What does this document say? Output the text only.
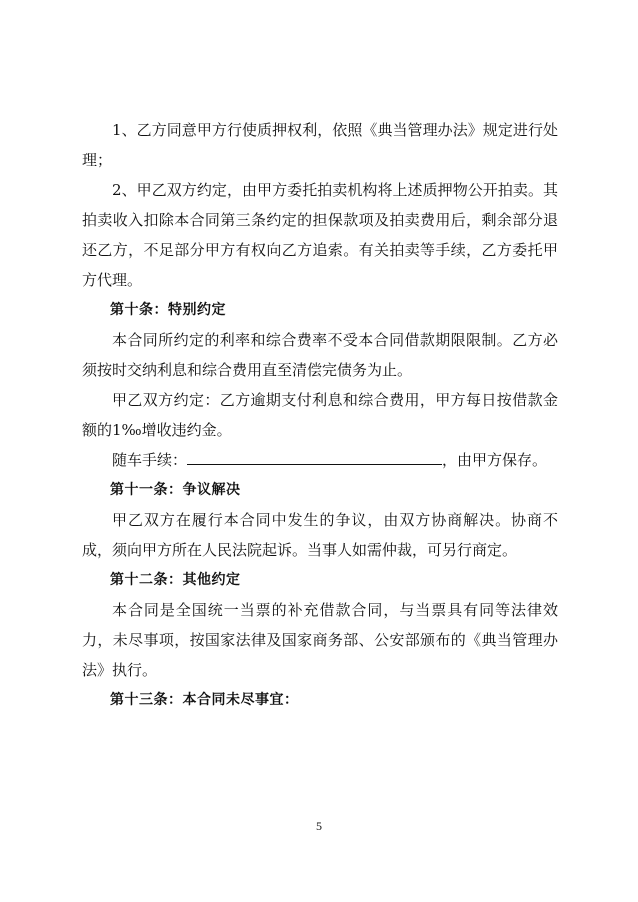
1、乙方同意甲方行使质押权利，依照《典当管理办法》规定进行处理；

2、甲乙双方约定，由甲方委托拍卖机构将上述质押物公开拍卖。其拍卖收入扣除本合同第三条约定的担保款项及拍卖费用后，剩余部分退还乙方，不足部分甲方有权向乙方追索。有关拍卖等手续，乙方委托甲方代理。

第十条：特别约定

本合同所约定的利率和综合费率不受本合同借款期限限制。乙方必须按时交纳利息和综合费用直至清偿完债务为止。

甲乙双方约定：乙方逾期支付利息和综合费用，甲方每日按借款金额的1‰增收违约金。

随车手续：	，由甲方保存。

第十一条：争议解决

甲乙双方在履行本合同中发生的争议，由双方协商解决。协商不成，须向甲方所在人民法院起诉。当事人如需仲裁，可另行商定。

第十二条：其他约定

本合同是全国统一当票的补充借款合同，与当票具有同等法律效力，未尽事项，按国家法律及国家商务部、公安部颁布的《典当管理办法》执行。

第十三条：本合同未尽事宜：

5
